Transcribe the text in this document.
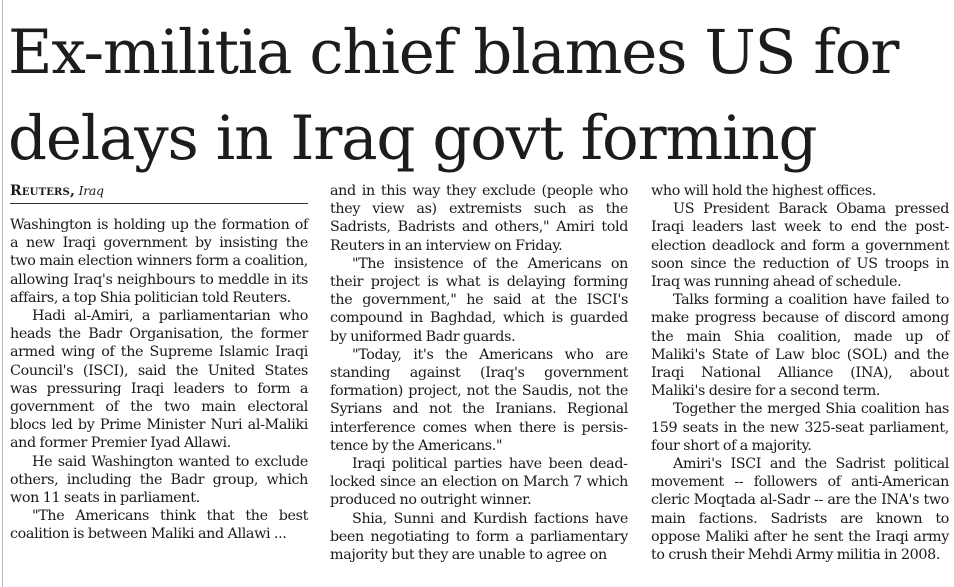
Ex-militia chief blames US for
delays in Iraq govt forming
Reuters, Iraq

Washington is holding up the formation of a new Iraqi government by insisting the two main election winners form a coalition, allowing Iraq's neighbours to meddle in its affairs, a top Shia politician told Reuters.

Hadi al-Amiri, a parliamentarian who heads the Badr Organisation, the former armed wing of the Supreme Islamic Iraqi Council's (ISCI), said the United States was pressuring Iraqi leaders to form a government of the two main electoral blocs led by Prime Minister Nuri al-Maliki and former Premier Iyad Allawi.

He said Washington wanted to exclude others, including the Badr group, which won 11 seats in parliament.

"The Americans think that the best coalition is between Maliki and Allawi ...

and in this way they exclude (people who they view as) extremists such as the Sadrists, Badrists and others," Amiri told Reuters in an interview on Friday.

"The insistence of the Americans on their project is what is delaying forming the government," he said at the ISCI's compound in Baghdad, which is guarded by uniformed Badr guards.

"Today, it's the Americans who are standing against (Iraq's government formation) project, not the Saudis, not the Syrians and not the Iranians. Regional interference comes when there is persistence by the Americans."

Iraqi political parties have been deadlocked since an election on March 7 which produced no outright winner.

Shia, Sunni and Kurdish factions have been negotiating to form a parliamentary majority but they are unable to agree on

who will hold the highest offices.

US President Barack Obama pressed Iraqi leaders last week to end the post-election deadlock and form a government soon since the reduction of US troops in Iraq was running ahead of schedule.

Talks forming a coalition have failed to make progress because of discord among the main Shia coalition, made up of Maliki's State of Law bloc (SOL) and the Iraqi National Alliance (INA), about Maliki's desire for a second term.

Together the merged Shia coalition has 159 seats in the new 325-seat parliament, four short of a majority.

Amiri's ISCI and the Sadrist political movement -- followers of anti-American cleric Moqtada al-Sadr -- are the INA's two main factions. Sadrists are known to oppose Maliki after he sent the Iraqi army to crush their Mehdi Army militia in 2008.
